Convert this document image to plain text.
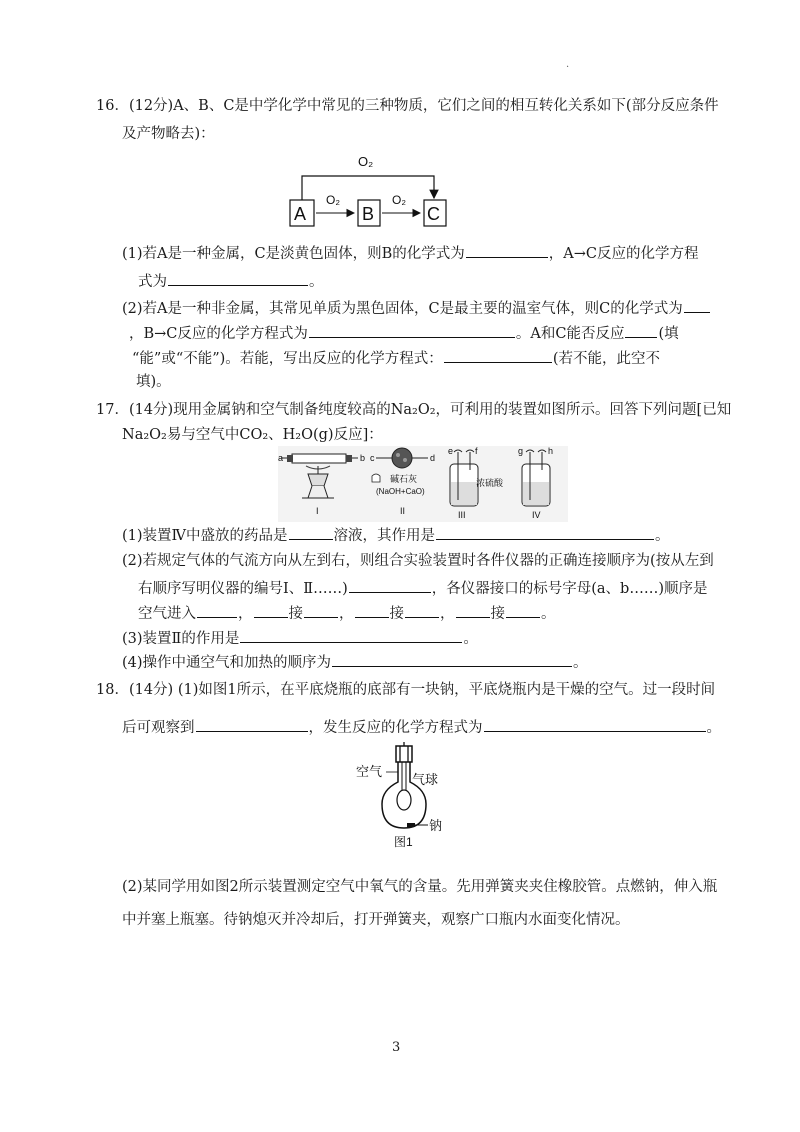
·
16．(12分)A、B、C是中学化学中常见的三种物质，它们之间的相互转化关系如下(部分反应条件
及产物略去)：
O₂
A
O₂
B
O₂
C
(1)若A是一种金属，C是淡黄色固体，则B的化学式为	，A→C反应的化学方程
式为	。
(2)若A是一种非金属，其常见单质为黑色固体，C是最主要的温室气体，则C的化学式为
，B→C反应的化学方程式为	。A和C能否反应 (填
“能”或“不能”)。若能，写出反应的化学方程式：	(若不能，此空不
填)。
17．(14分)现用金属钠和空气制备纯度较高的Na₂O₂，可利用的装置如图所示。回答下列问题[已知
Na₂O₂易与空气中CO₂、H₂O(g)反应]：
a	b
I
c	d
碱石灰
(NaOH+CaO)
II
e f
浓硫酸
III
g	h
IV
(1)装置Ⅳ中盛放的药品是	溶液，其作用是	。
(2)若规定气体的气流方向从左到右，则组合实验装置时各件仪器的正确连接顺序为(按从左到
右顺序写明仪器的编号Ⅰ、Ⅱ……)	，各仪器接口的标号字母(a、b……)顺序是
空气进入	， 接 ， 接 ， 接 。
(3)装置Ⅱ的作用是	。
(4)操作中通空气和加热的顺序为	。
18．(14分) (1)如图1所示，在平底烧瓶的底部有一块钠，平底烧瓶内是干燥的空气。过一段时间
后可观察到	，发生反应的化学方程式为	。
空气
气球
钠
图1
(2)某同学用如图2所示装置测定空气中氧气的含量。先用弹簧夹夹住橡胶管。点燃钠，伸入瓶
中并塞上瓶塞。待钠熄灭并冷却后，打开弹簧夹，观察广口瓶内水面变化情况。
3
